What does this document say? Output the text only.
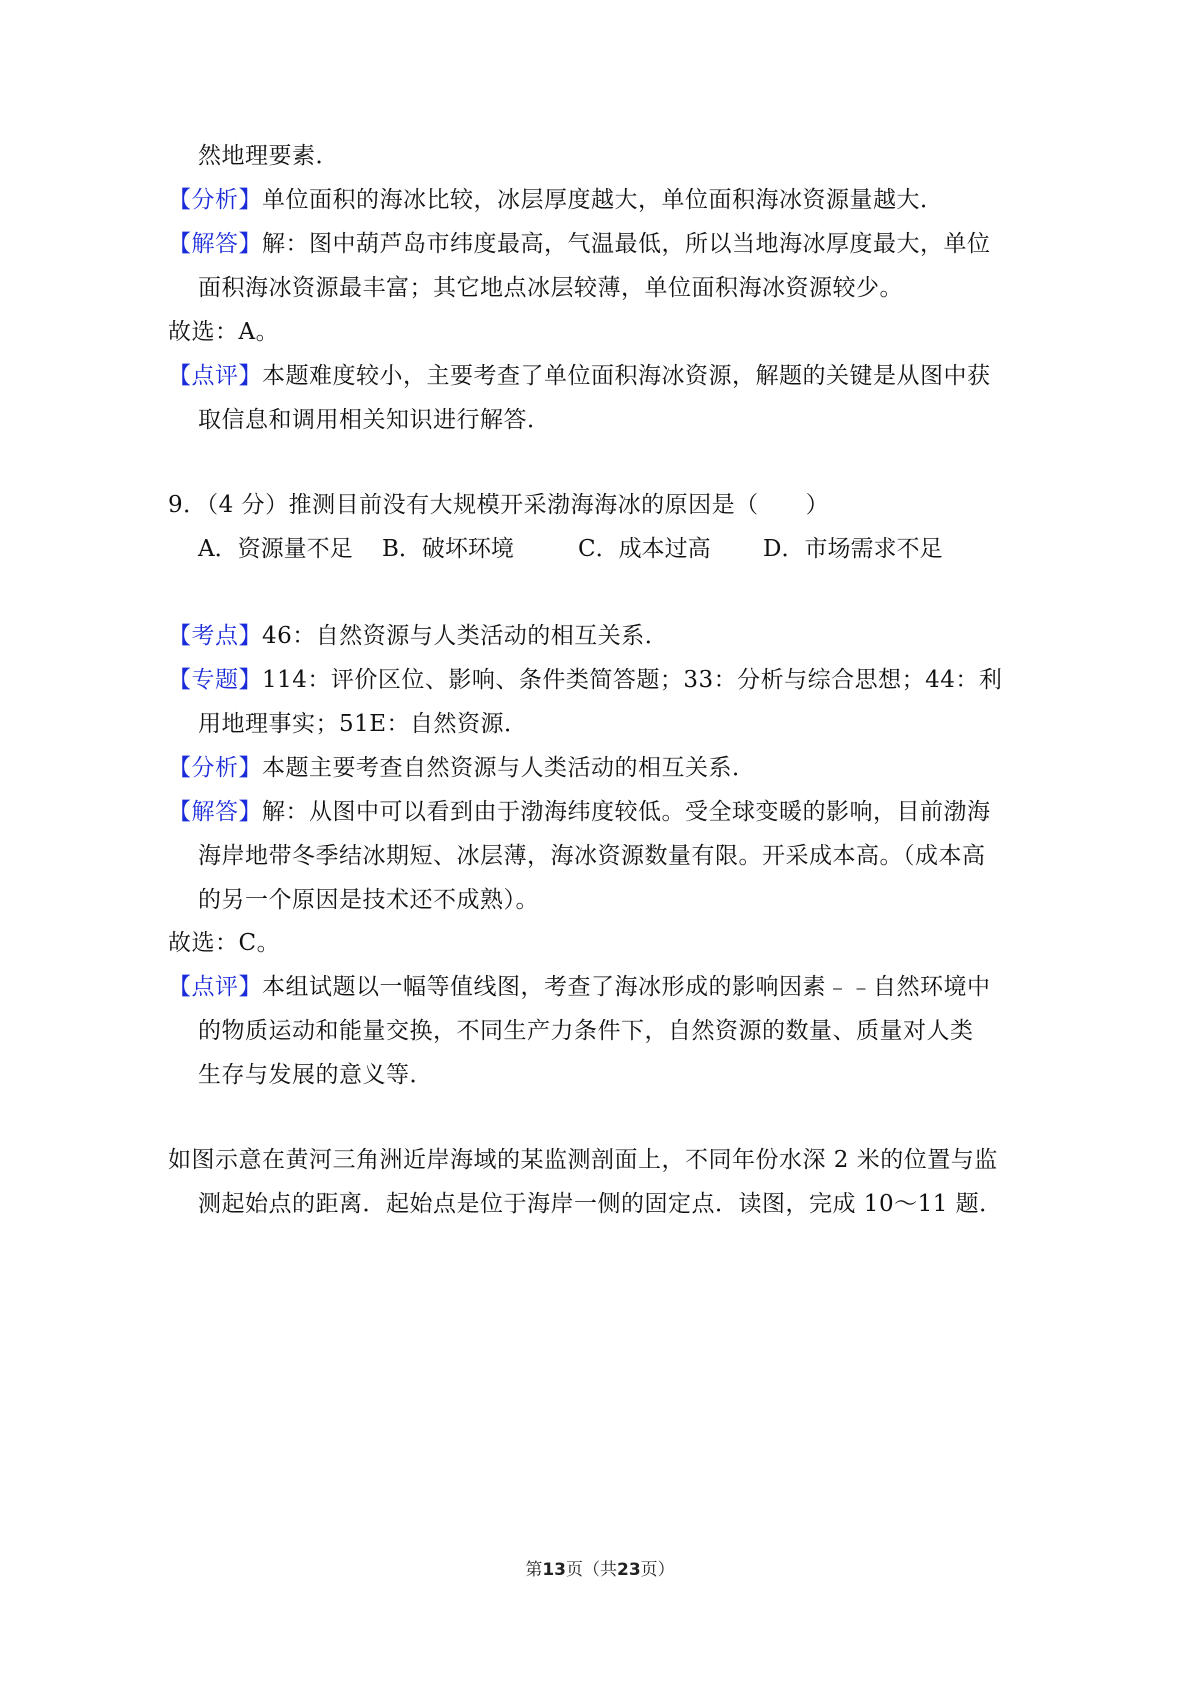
然地理要素．
【分析】单位面积的海冰比较，冰层厚度越大，单位面积海冰资源量越大．
【解答】解：图中葫芦岛市纬度最高，气温最低，所以当地海冰厚度最大，单位
面积海冰资源最丰富；其它地点冰层较薄，单位面积海冰资源较少。
故选：A。
【点评】本题难度较小，主要考查了单位面积海冰资源，解题的关键是从图中获
取信息和调用相关知识进行解答．
9．（4 分）推测目前没有大规模开采渤海海冰的原因是（　　）
A．资源量不足 B．破坏环境	C．成本过高 D．市场需求不足
【考点】46：自然资源与人类活动的相互关系．
【专题】114：评价区位、影响、条件类简答题；33：分析与综合思想；44：利
用地理事实；51E：自然资源．
【分析】本题主要考查自然资源与人类活动的相互关系．
【解答】解：从图中可以看到由于渤海纬度较低。受全球变暖的影响，目前渤海
海岸地带冬季结冰期短、冰层薄，海冰资源数量有限。开采成本高。（成本高
的另一个原因是技术还不成熟）。
故选：C。
【点评】本组试题以一幅等值线图，考查了海冰形成的影响因素﹣﹣自然环境中
的物质运动和能量交换，不同生产力条件下，自然资源的数量、质量对人类
生存与发展的意义等．
如图示意在黄河三角洲近岸海域的某监测剖面上，不同年份水深 2 米的位置与监
测起始点的距离．起始点是位于海岸一侧的固定点．读图，完成 10～11 题．
第13页（共23页）
